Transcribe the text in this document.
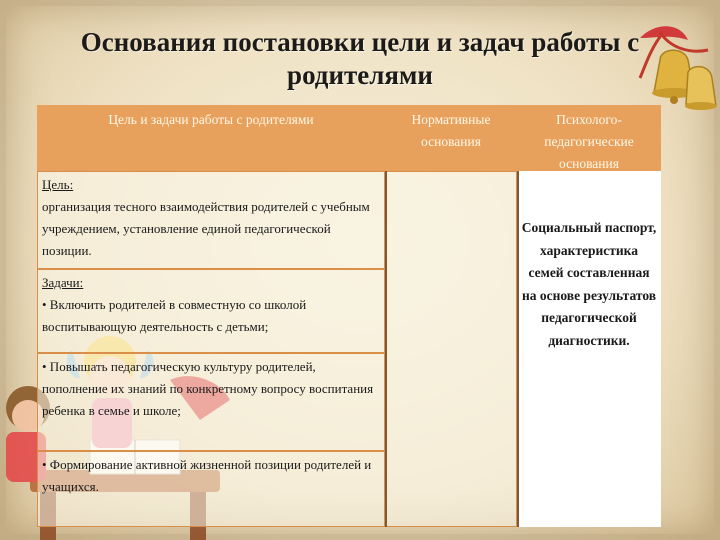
Основания постановки цели и задач работы с родителями
Цель и задачи работы с родителями	Нормативные основания
Психолого-педагогические основания
Цель:
организация тесного взаимодействия родителей с учебным учреждением, установление единой педагогической позиции.
Задачи:
• Включить родителей в совместную со школой воспитывающую деятельность с детьми;
• Повышать педагогическую культуру родителей, пополнение их знаний по конкретному вопросу воспитания ребенка в семье и школе;
• Формирование активной жизненной позиции родителей и учащихся.
Социальный паспорт, характеристика семей составленная на основе результатов педагогической диагностики.
